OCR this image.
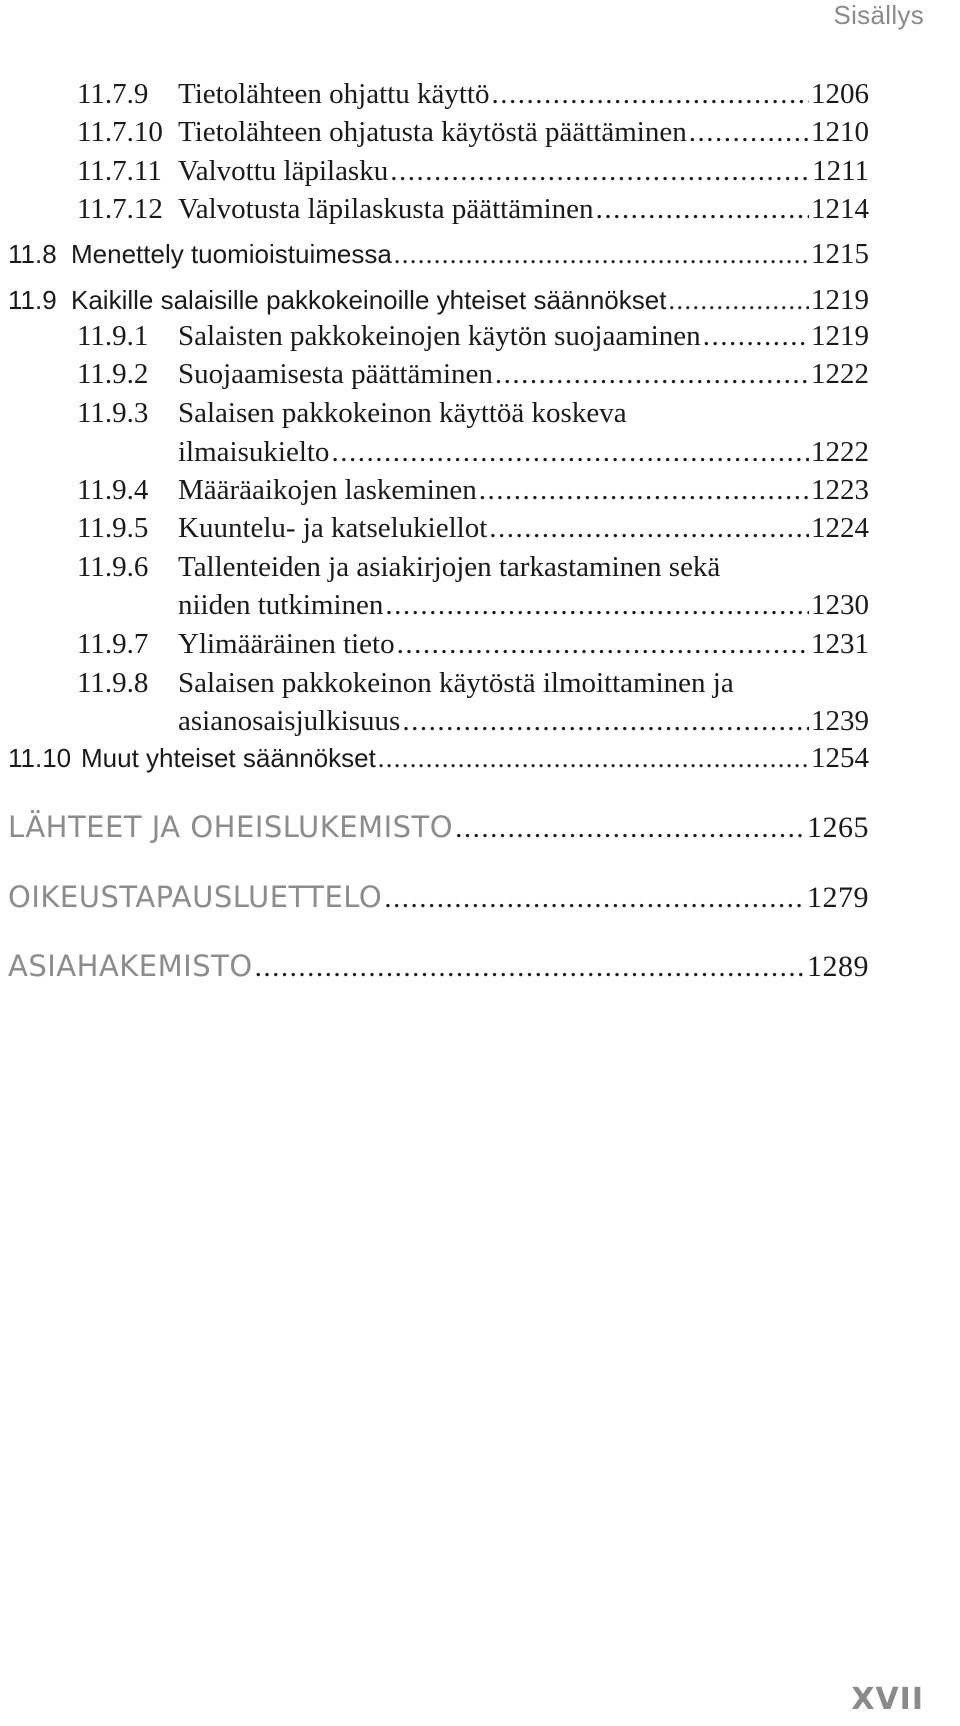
Sisällys
11.7.9	Tietolähteen ohjattu käyttö .....	1206
11.7.10 Tietolähteen ohjatusta käytöstä päättäminen .....	1210
11.7.11 Valvottu läpilasku .....	1211
11.7.12 Valvotusta läpilaskusta päättäminen .....	1214
11.8 Menettely tuomioistuimessa .....	1215
11.9 Kaikille salaisille pakkokeinoille yhteiset säännökset .....	1219
11.9.1	Salaisten pakkokeinojen käytön suojaaminen .....	1219
11.9.2	Suojaamisesta päättäminen .....	1222
11.9.3	Salaisen pakkokeinon käyttöä koskeva
ilmaisukielto .....	1222
11.9.4	Määräaikojen laskeminen .....	1223
11.9.5	Kuuntelu- ja katselukiellot .....	1224
11.9.6	Tallenteiden ja asiakirjojen tarkastaminen sekä
niiden tutkiminen .....	1230
11.9.7	Ylimääräinen tieto .....	1231
11.9.8	Salaisen pakkokeinon käytöstä ilmoittaminen ja
asianosaisjulkisuus .....	1239
11.10 Muut yhteiset säännökset .....	1254
LÄHTEET JA OHEISLUKEMISTO .....	1265
OIKEUSTAPAUSLUETTELO .....	1279
ASIAHAKEMISTO .....	1289
XVII
